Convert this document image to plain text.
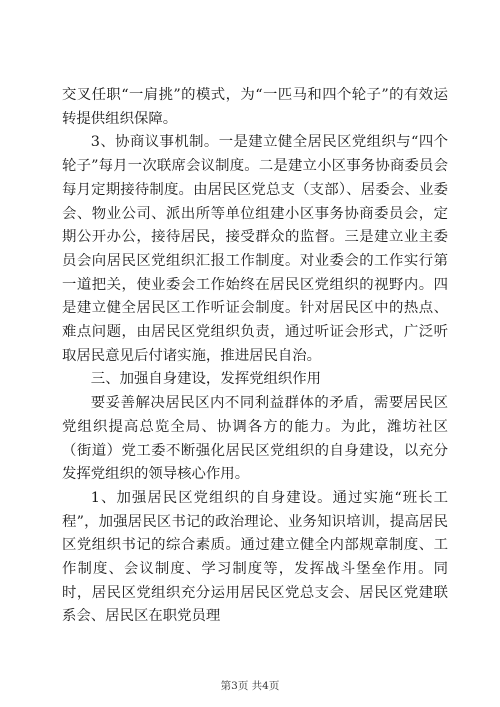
交叉任职“一肩挑”的模式，为“一匹马和四个轮子”的有效运转提供组织保障。

3、协商议事机制。一是建立健全居民区党组织与“四个轮子”每月一次联席会议制度。二是建立小区事务协商委员会每月定期接待制度。由居民区党总支（支部）、居委会、业委会、物业公司、派出所等单位组建小区事务协商委员会，定期公开办公，接待居民，接受群众的监督。三是建立业主委员会向居民区党组织汇报工作制度。对业委会的工作实行第一道把关，使业委会工作始终在居民区党组织的视野内。四是建立健全居民区工作听证会制度。针对居民区中的热点、难点问题，由居民区党组织负责，通过听证会形式，广泛听取居民意见后付诸实施，推进居民自治。

三、加强自身建设，发挥党组织作用

要妥善解决居民区内不同利益群体的矛盾，需要居民区党组织提高总览全局、协调各方的能力。为此，潍坊社区（街道）党工委不断强化居民区党组织的自身建设，以充分发挥党组织的领导核心作用。

1、加强居民区党组织的自身建设。通过实施“班长工程”，加强居民区书记的政治理论、业务知识培训，提高居民区党组织书记的综合素质。通过建立健全内部规章制度、工作制度、会议制度、学习制度等，发挥战斗堡垒作用。同时，居民区党组织充分运用居民区党总支会、居民区党建联系会、居民区在职党员理

第3页 共4页
